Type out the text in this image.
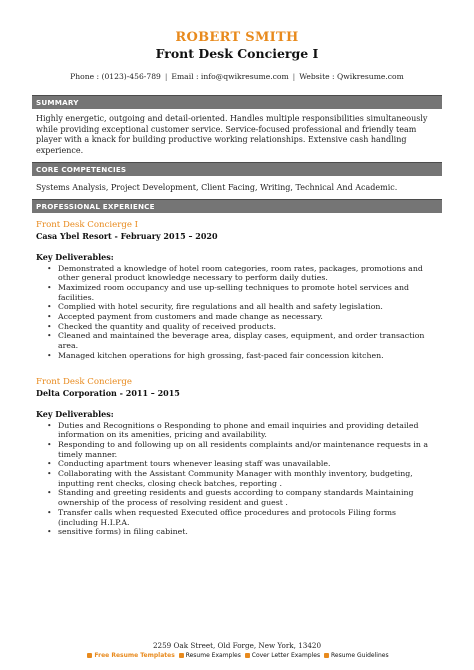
ROBERT SMITH
Front Desk Concierge I
Phone : (0123)-456-789 | Email : info@qwikresume.com | Website : Qwikresume.com
SUMMARY
Highly energetic, outgoing and detail-oriented. Handles multiple responsibilities simultaneously while providing exceptional customer service. Service-focused professional and friendly team player with a knack for building productive working relationships. Extensive cash handling experience.
CORE COMPETENCIES
Systems Analysis, Project Development, Client Facing, Writing, Technical And Academic.
PROFESSIONAL EXPERIENCE
Front Desk Concierge I
Casa Ybel Resort - February 2015 – 2020
Key Deliverables:
• Demonstrated a knowledge of hotel room categories, room rates, packages, promotions and other general product knowledge necessary to perform daily duties.
• Maximized room occupancy and use up-selling techniques to promote hotel services and facilities.
• Complied with hotel security, fire regulations and all health and safety legislation.
• Accepted payment from customers and made change as necessary.
• Checked the quantity and quality of received products.
• Cleaned and maintained the beverage area, display cases, equipment, and order transaction area.
• Managed kitchen operations for high grossing, fast-paced fair concession kitchen.
Front Desk Concierge
Delta Corporation - 2011 – 2015
Key Deliverables:
• Duties and Recognitions o Responding to phone and email inquiries and providing detailed information on its amenities, pricing and availability.
• Responding to and following up on all residents complaints and/or maintenance requests in a timely manner.
• Conducting apartment tours whenever leasing staff was unavailable.
• Collaborating with the Assistant Community Manager with monthly inventory, budgeting, inputting rent checks, closing check batches, reporting .
• Standing and greeting residents and guests according to company standards Maintaining ownership of the process of resolving resident and guest .
• Transfer calls when requested Executed office procedures and protocols Filing forms (including H.I.P.A.
• sensitive forms) in filing cabinet.
2259 Oak Street, Old Forge, New York, 13420
Free Resume Templates Resume Examples Cover Letter Examples Resume Guidelines
